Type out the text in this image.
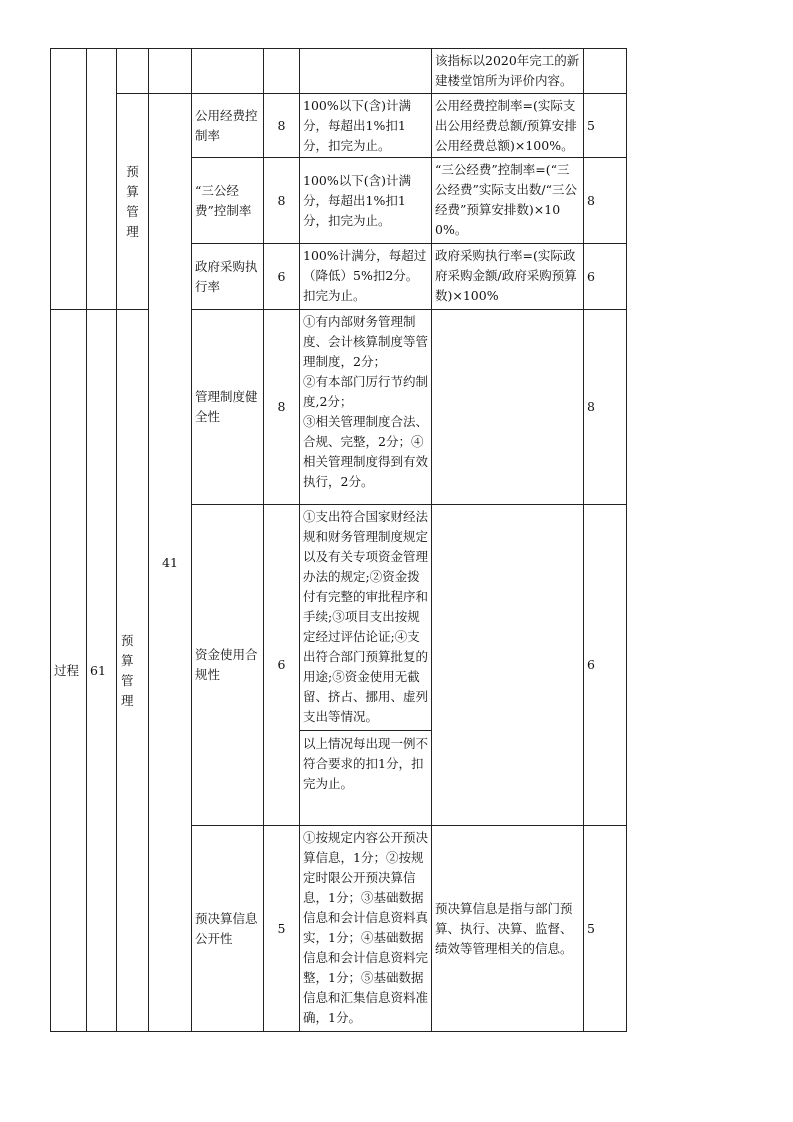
该指标以2020年完工的新建楼堂馆所为评价内容。
预算管理
41
公用经费控制率
8
100%以下(含)计满分，每超出1%扣1分，扣完为止。
公用经费控制率=(实际支出公用经费总额/预算安排公用经费总额)×100%。
5
“三公经费”控制率
8
100%以下(含)计满分，每超出1%扣1分，扣完为止。
“三公经费”控制率=(“三公经费”实际支出数/“三公经费”预算安排数)×100%。
8
政府采购执行率
6
100%计满分，每超过（降低）5%扣2分。扣完为止。
政府采购执行率=(实际政府采购金额/政府采购预算数)×100%
6
过程 61
预算管理
管理制度健全性
8
①有内部财务管理制度、会计核算制度等管理制度，2分；
②有本部门厉行节约制度,2分；
③相关管理制度合法、合规、完整，2分；④相关管理制度得到有效执行，2分。
8
资金使用合规性
6
①支出符合国家财经法规和财务管理制度规定以及有关专项资金管理办法的规定;②资金拨付有完整的审批程序和手续;③项目支出按规定经过评估论证;④支出符合部门预算批复的用途;⑤资金使用无截留、挤占、挪用、虚列支出等情况。
以上情况每出现一例不符合要求的扣1分，扣完为止。
6
预决算信息公开性
5
①按规定内容公开预决算信息，1分；②按规定时限公开预决算信息，1分；③基础数据信息和会计信息资料真实，1分；④基础数据信息和会计信息资料完整，1分；⑤基础数据信息和汇集信息资料准确，1分。
预决算信息是指与部门预算、执行、决算、监督、绩效等管理相关的信息。
5
